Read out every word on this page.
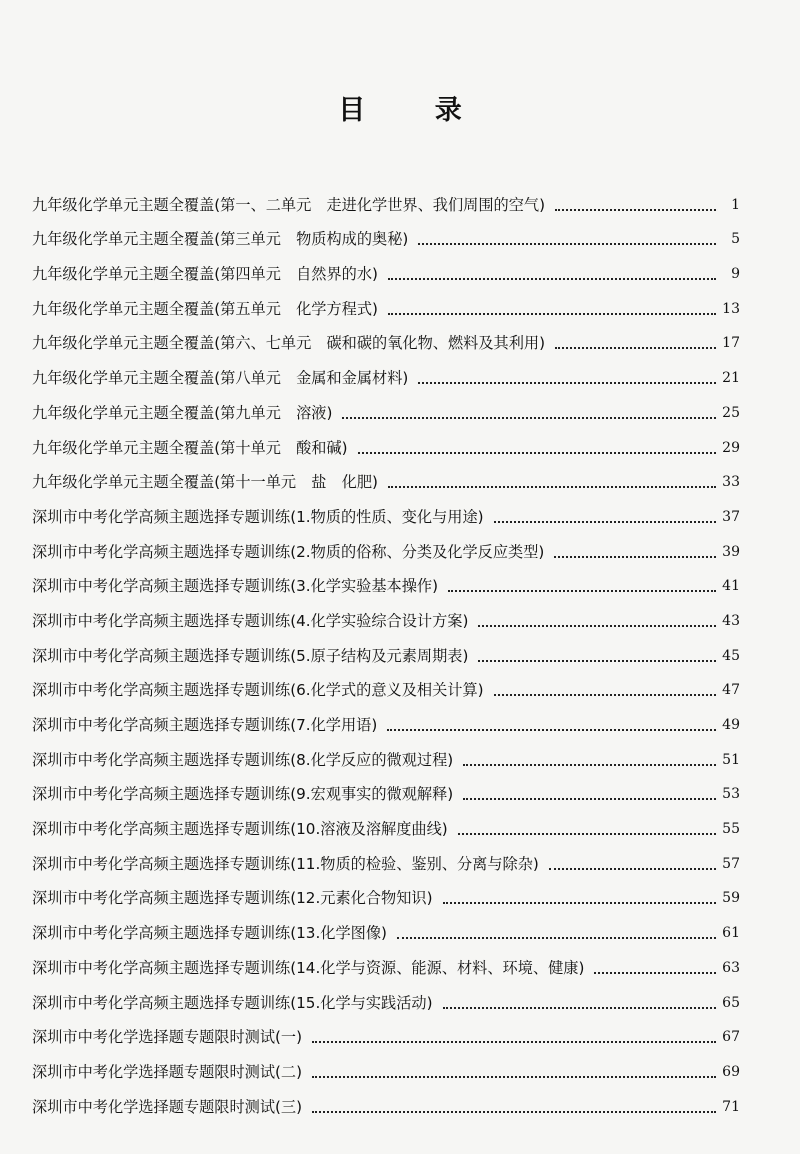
目 录
九年级化学单元主题全覆盖(第一、二单元　走进化学世界、我们周围的空气)	1
九年级化学单元主题全覆盖(第三单元　物质构成的奥秘)	5
九年级化学单元主题全覆盖(第四单元　自然界的水)	9
九年级化学单元主题全覆盖(第五单元　化学方程式)	13
九年级化学单元主题全覆盖(第六、七单元　碳和碳的氧化物、燃料及其利用)	17
九年级化学单元主题全覆盖(第八单元　金属和金属材料)	21
九年级化学单元主题全覆盖(第九单元　溶液)	25
九年级化学单元主题全覆盖(第十单元　酸和碱)	29
九年级化学单元主题全覆盖(第十一单元　盐　化肥)	33
深圳市中考化学高频主题选择专题训练(1.物质的性质、变化与用途)	37
深圳市中考化学高频主题选择专题训练(2.物质的俗称、分类及化学反应类型)	39
深圳市中考化学高频主题选择专题训练(3.化学实验基本操作)	41
深圳市中考化学高频主题选择专题训练(4.化学实验综合设计方案)	43
深圳市中考化学高频主题选择专题训练(5.原子结构及元素周期表)	45
深圳市中考化学高频主题选择专题训练(6.化学式的意义及相关计算)	47
深圳市中考化学高频主题选择专题训练(7.化学用语)	49
深圳市中考化学高频主题选择专题训练(8.化学反应的微观过程)	51
深圳市中考化学高频主题选择专题训练(9.宏观事实的微观解释)	53
深圳市中考化学高频主题选择专题训练(10.溶液及溶解度曲线)	55
深圳市中考化学高频主题选择专题训练(11.物质的检验、鉴别、分离与除杂)	57
深圳市中考化学高频主题选择专题训练(12.元素化合物知识)	59
深圳市中考化学高频主题选择专题训练(13.化学图像)	61
深圳市中考化学高频主题选择专题训练(14.化学与资源、能源、材料、环境、健康)	63
深圳市中考化学高频主题选择专题训练(15.化学与实践活动)	65
深圳市中考化学选择题专题限时测试(一)	67
深圳市中考化学选择题专题限时测试(二)	69
深圳市中考化学选择题专题限时测试(三)	71
